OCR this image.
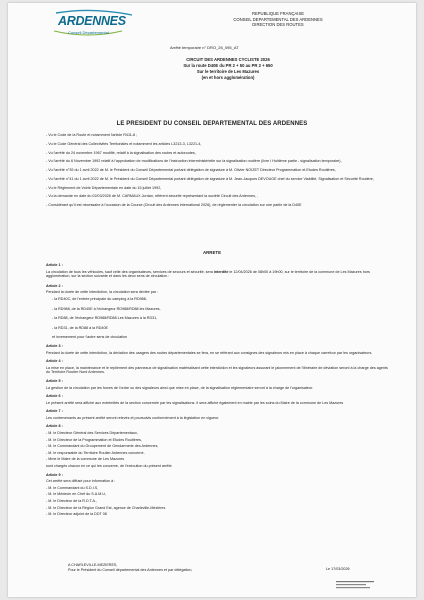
ARDENNES
Conseil Départemental
REPUBLIQUE FRANÇAISE
CONSEIL DEPARTEMENTAL DES ARDENNES
DIRECTION DES ROUTES
Arrêté temporaire n° DRO_26_095_AT
CIRCUIT DES ARDENNES CYCLISTE 2026
Sur la route D40E du PR 2 + 50 au PR 2 + 650
Sur le territoire de Les Mazures
(en et hors agglomération)
LE PRESIDENT DU CONSEIL DEPARTEMENTAL DES ARDENNES

- Vu le Code de la Route et notamment l'article R411-8 ;

- Vu le Code Général des Collectivités Territoriales et notamment les articles L3213-3, L3221-4,

- Vu l'arrêté du 24 novembre 1967 modifié, relatif à la signalisation des routes et autoroutes,

- Vu l'arrêté du 6 Novembre 1992 relatif à l'approbation de modifications de l'instruction interministérielle sur la signalisation routière (livre I Huitième partie - signalisation temporaire),

- Vu l'arrêté n°39 du 1 avril 2022 de M. le Président du Conseil Départemental portant délégation de signature à M. Olivier NOIZET Directeur Programmation et Etudes Routières,

- Vu l'arrêté n°41 du 1 avril 2022 de M. le Président du Conseil Départemental portant délégation de signature à M. Jean-Jacques DEVOUGE chef du service Viabilité, Signalisation et Sécurité Routière,

- Vu le Règlement de Voirie Départementale en date du 15 juillet 1992,

- Vu la demande en date du 02/03/2026 de M. CARMAUX Jordan, référent sécurité représentant la société Circuit des Ardennes, ,

- Considérant qu'il est nécessaire à l'occasion de la Course (Circuit des Ardennes international 2026), de réglementer la circulation sur une partie de la D40E

ARRETE

Article 1 :

La circulation de tous les véhicules, sauf celle des organisateurs, services de secours et sécurité, sera interdite le 12/04/2026 de 08h00 à 19h00, sur le territoire de la commune de Les Mazures hors agglomération, sur la section suivante et dans les deux sens de circulation :

Article 2 :

Pendant la durée de cette interdiction, la circulation sera déviée par :

- la RD40C, de l'entrée principale du camping à la RD988,

- la RD988, de la RD40E à l'échangeur RD988/RD88 les Mazures,

- la RD88, de l'échangeur RD988/RD88 Les Mazures à la RD31,

- la RD31, de la RD88 à la RD40E

et inversement pour l'autre sens de circulation

Article 3 :

Pendant la durée de cette interdiction, la déviation des usagers des routes départementales se fera, en se référant aux consignes des signaleurs mis en place à chaque carrefour par les organisateurs.

Article 4 :

La mise en place, la maintenance et le repliement des panneaux de signalisation matérialisant cette interdiction et les signaleurs assurant le jalonnement de l'itinéraire de déviation seront à la charge des agents du Territoire Routier Nord Ardennes.

Article 5 :

La gestion de la circulation par les forces de l'ordre ou des signaleurs ainsi que mise en place, de la signalisation réglementaire seront à la charge de l'organisateur.

Article 6 :

Le présent arrêté sera affiché aux extrémités de la section concernée par les signalisations. Il sera affiché également en mairie par les soins du Maire de la commune de Les Mazures

Article 7 :

Les contrevenants au présent arrêté seront relevés et poursuivis conformément à la législation en vigueur.

Article 8 :

- M. le Directeur Général des Services Départementaux,

- M. le Directeur de la Programmation et Etudes Routières,

- M. le Commandant du Groupement de Gendarmerie des Ardennes,

- M. le responsable du Territoire Routier Ardennes concerné,

- Mme le Maire de la commune de Les Mazures

sont chargés chacun en ce qui les concerne, de l'exécution du présent arrêté.

Article 9 :

Cet arrêté sera diffusé pour information à :

- M. le Commandant du S.D.I.S,

- M. le Médecin en Chef du S.A.M.U,

- M. le Directeur de la R.D.T.A.,

- M. le Directeur de la Région Grand Est, agence de Charleville-Mézières

- M. le Directeur adjoint de la DDT 08

A CHARLEVILLE-MEZIERES,
Pour le Président du Conseil départemental des Ardennes et par délégation,	Le 17/03/2026
